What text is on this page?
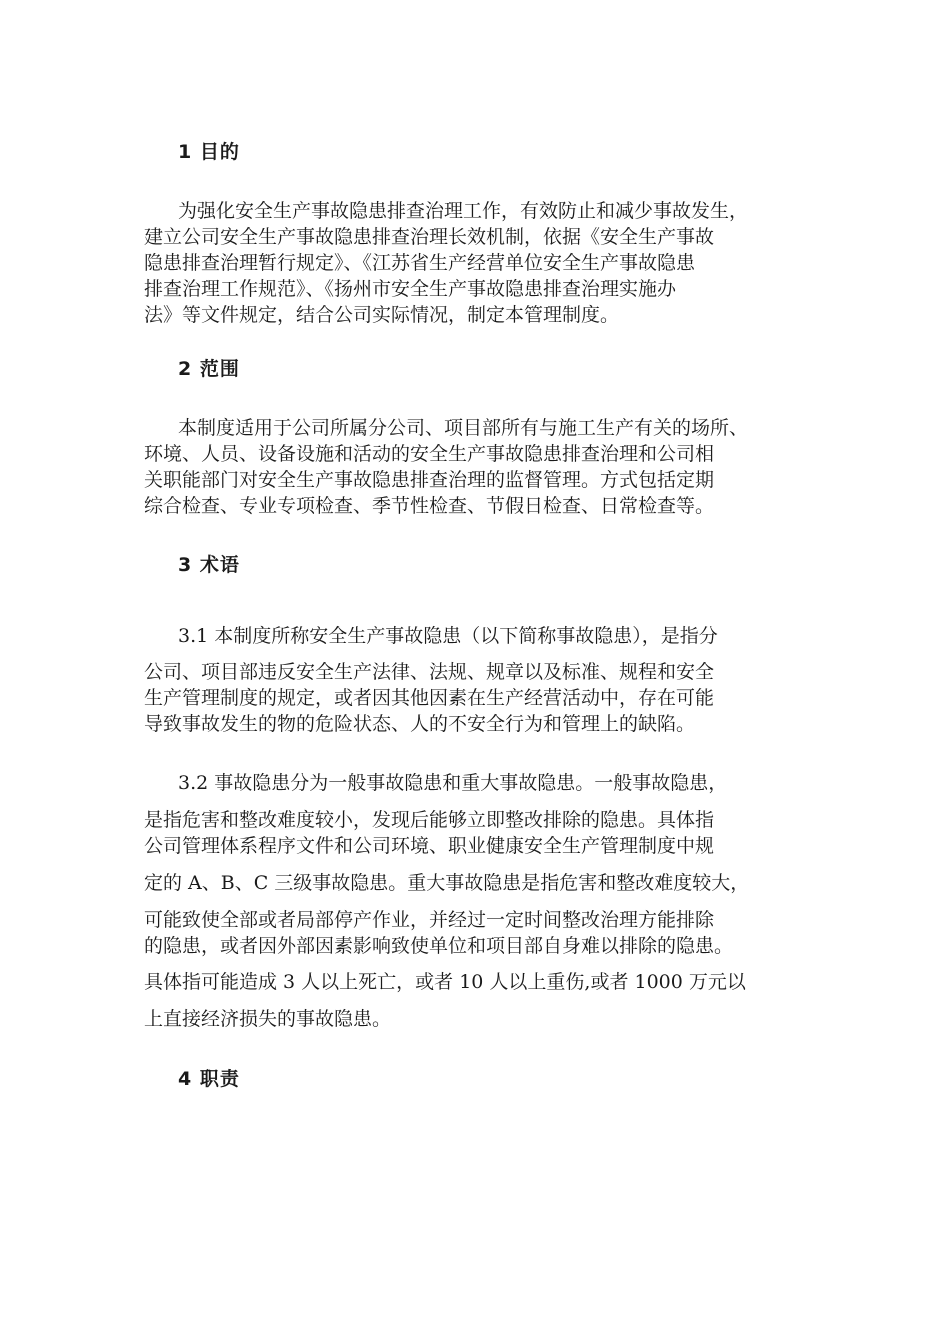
1 目的
为强化安全生产事故隐患排查治理工作，有效防止和减少事故发生，
建立公司安全生产事故隐患排查治理长效机制，依据《安全生产事故
隐患排查治理暂行规定》、《江苏省生产经营单位安全生产事故隐患
排查治理工作规范》、《扬州市安全生产事故隐患排查治理实施办
法》等文件规定，结合公司实际情况，制定本管理制度。
2 范围
本制度适用于公司所属分公司、项目部所有与施工生产有关的场所、
环境、人员、设备设施和活动的安全生产事故隐患排查治理和公司相
关职能部门对安全生产事故隐患排查治理的监督管理。方式包括定期
综合检查、专业专项检查、季节性检查、节假日检查、日常检查等。
3 术语
3.1 本制度所称安全生产事故隐患（以下简称事故隐患），是指分
公司、项目部违反安全生产法律、法规、规章以及标准、规程和安全
生产管理制度的规定，或者因其他因素在生产经营活动中，存在可能
导致事故发生的物的危险状态、人的不安全行为和管理上的缺陷。
3.2 事故隐患分为一般事故隐患和重大事故隐患。一般事故隐患，
是指危害和整改难度较小，发现后能够立即整改排除的隐患。具体指
公司管理体系程序文件和公司环境、职业健康安全生产管理制度中规
定的 A、B、C 三级事故隐患。重大事故隐患是指危害和整改难度较大，
可能致使全部或者局部停产作业，并经过一定时间整改治理方能排除
的隐患，或者因外部因素影响致使单位和项目部自身难以排除的隐患。
具体指可能造成 3 人以上死亡，或者 10 人以上重伤,或者 1000 万元以
上直接经济损失的事故隐患。
4 职责
